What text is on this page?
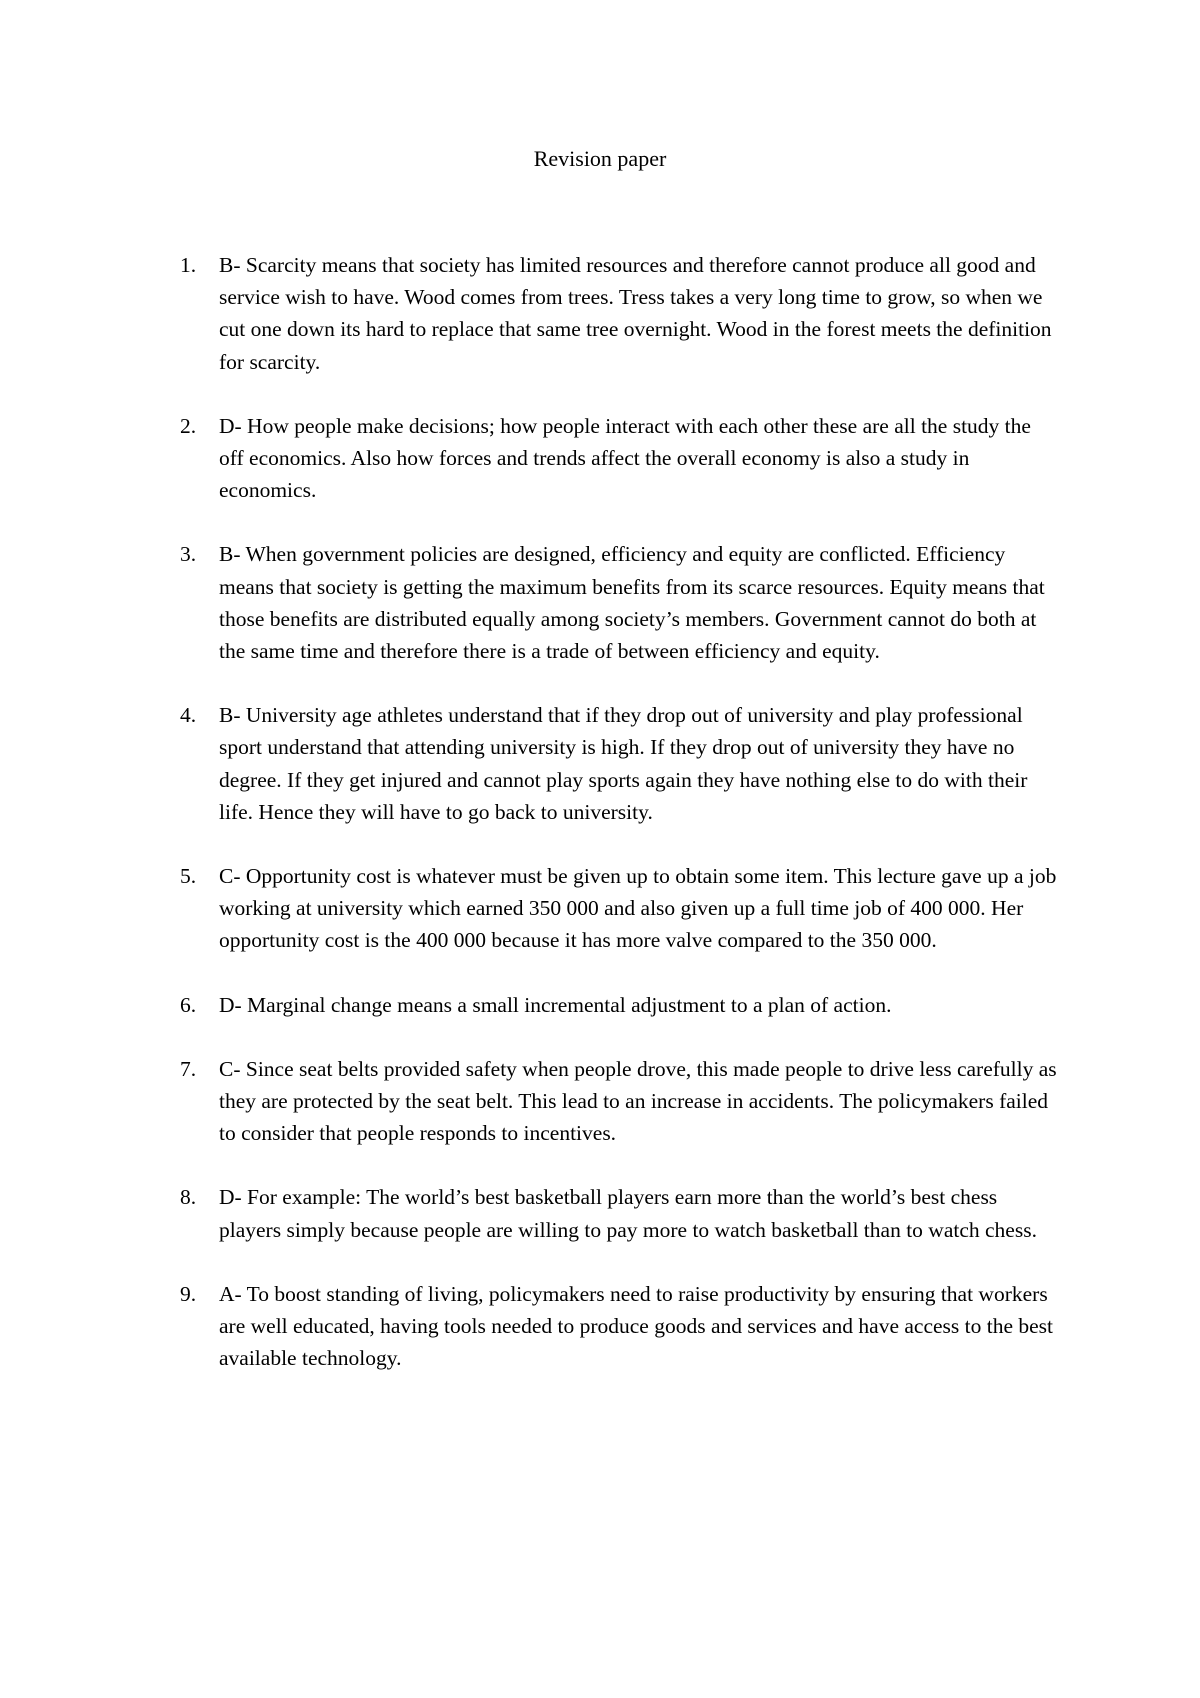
Revision paper
1.	B- Scarcity means that society has limited resources and therefore cannot produce all good and service wish to have. Wood comes from trees. Tress takes a very long time to grow, so when we cut one down its hard to replace that same tree overnight. Wood in the forest meets the definition for scarcity.
2.	D- How people make decisions; how people interact with each other these are all the study the off economics. Also how forces and trends affect the overall economy is also a study in economics.
3.	B- When government policies are designed, efficiency and equity are conflicted. Efficiency means that society is getting the maximum benefits from its scarce resources. Equity means that those benefits are distributed equally among society’s members. Government cannot do both at the same time and therefore there is a trade of between efficiency and equity.
4.	B- University age athletes understand that if they drop out of university and play professional sport understand that attending university is high. If they drop out of university they have no degree. If they get injured and cannot play sports again they have nothing else to do with their life. Hence they will have to go back to university.
5.	C- Opportunity cost is whatever must be given up to obtain some item. This lecture gave up a job working at university which earned 350 000 and also given up a full time job of 400 000. Her opportunity cost is the 400 000 because it has more valve compared to the 350 000.
6.	D- Marginal change means a small incremental adjustment to a plan of action.
7.	C- Since seat belts provided safety when people drove, this made people to drive less carefully as they are protected by the seat belt. This lead to an increase in accidents. The policymakers failed to consider that people responds to incentives.
8.	D- For example: The world’s best basketball players earn more than the world’s best chess players simply because people are willing to pay more to watch basketball than to watch chess.
9.	A- To boost standing of living, policymakers need to raise productivity by ensuring that workers are well educated, having tools needed to produce goods and services and have access to the best available technology.
